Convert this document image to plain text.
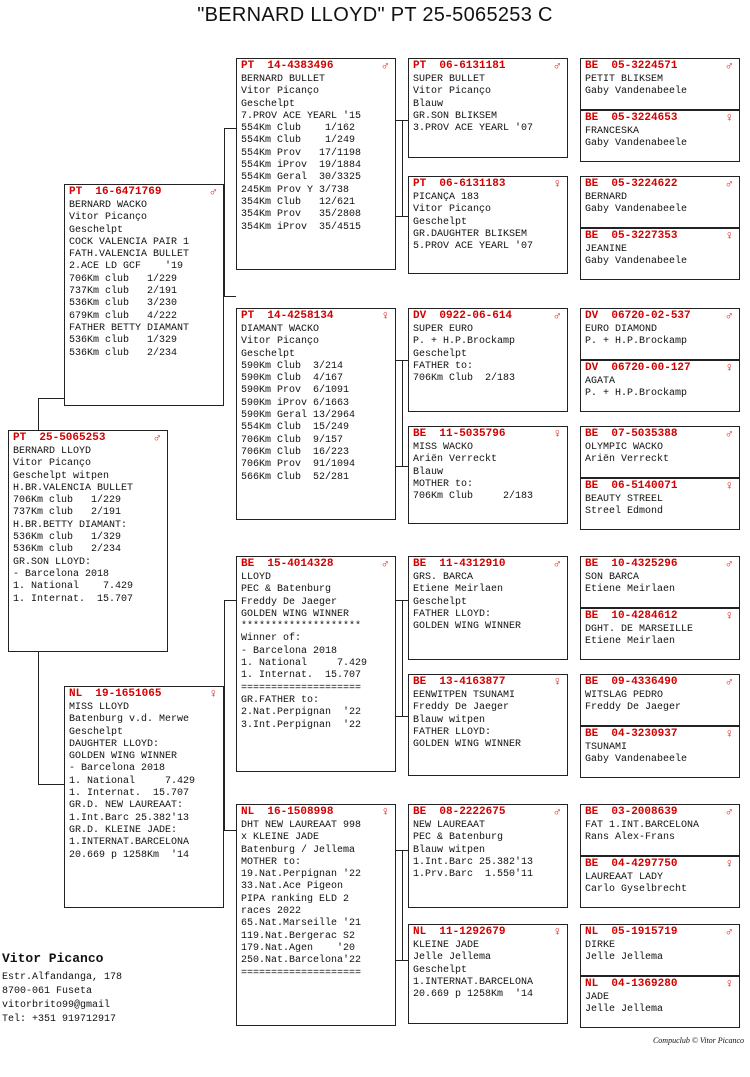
"BERNARD LLOYD" PT 25-5065253 C
PT  25-5065253	♂
BERNARD LLOYD
Vitor Picanço
Geschelpt witpen
H.BR.VALENCIA BULLET
706Km club   1/229
737Km club   2/191
H.BR.BETTY DIAMANT:
536Km club   1/329
536Km club   2/234
GR.SON LLOYD:
- Barcelona 2018
1. National    7.429
1. Internat.  15.707
PT  16-6471769	♂
BERNARD WACKO
Vitor Picanço
Geschelpt
COCK VALENCIA PAIR 1
FATH.VALENCIA BULLET
2.ACE LD GCF    '19
706Km club   1/229
737Km club   2/191
536Km club   3/230
679Km club   4/222
FATHER BETTY DIAMANT
536Km club   1/329
536Km club   2/234
NL  19-1651065	♀
MISS LLOYD
Batenburg v.d. Merwe
Geschelpt
DAUGHTER LLOYD:
GOLDEN WING WINNER
- Barcelona 2018
1. National     7.429
1. Internat.  15.707
GR.D. NEW LAUREAAT:
1.Int.Barc 25.382'13
GR.D. KLEINE JADE:
1.INTERNAT.BARCELONA
20.669 p 1258Km  '14
PT  14-4383496	♂
BERNARD BULLET
Vitor Picanço
Geschelpt
7.PROV ACE YEARL '15
554Km Club    1/162
554Km Club    1/249
554Km Prov   17/1198
554Km iProv  19/1884
554Km Geral  30/3325
245Km Prov Y 3/738
354Km Club   12/621
354Km Prov   35/2808
354Km iProv  35/4515
PT  14-4258134	♀
DIAMANT WACKO
Vitor Picanço
Geschelpt
590Km Club  3/214
590Km Club  4/167
590Km Prov  6/1091
590Km iProv 6/1663
590Km Geral 13/2964
554Km Club  15/249
706Km Club  9/157
706Km Club  16/223
706Km Prov  91/1094
566Km Club  52/281
BE  15-4014328	♂
LLOYD
PEC & Batenburg
Freddy De Jaeger
GOLDEN WING WINNER
********************
Winner of:
- Barcelona 2018
1. National     7.429
1. Internat.  15.707
====================
GR.FATHER to:
2.Nat.Perpignan  '22
3.Int.Perpignan  '22
NL  16-1508998	♀
DHT NEW LAUREAAT 998
x KLEINE JADE
Batenburg / Jellema
MOTHER to:
19.Nat.Perpignan '22
33.Nat.Ace Pigeon
PIPA ranking ELD 2
races 2022
65.Nat.Marseille '21
119.Nat.Bergerac S2
179.Nat.Agen    '20
250.Nat.Barcelona'22
====================
PT  06-6131181	♂
SUPER BULLET
Vitor Picanço
Blauw
GR.SON BLIKSEM
3.PROV ACE YEARL '07
PT  06-6131183	♀
PICANÇA 183
Vitor Picanço
Geschelpt
GR.DAUGHTER BLIKSEM
5.PROV ACE YEARL '07
DV  0922-06-614	♂
SUPER EURO
P. + H.P.Brockamp
Geschelpt
FATHER to:
706Km Club  2/183
BE  11-5035796	♀
MISS WACKO
Ariën Verreckt
Blauw
MOTHER to:
706Km Club     2/183
BE  11-4312910	♂
GRS. BARCA
Etiene Meirlaen
Geschelpt
FATHER LLOYD:
GOLDEN WING WINNER
BE  13-4163877	♀
EENWITPEN TSUNAMI
Freddy De Jaeger
Blauw witpen
FATHER LLOYD:
GOLDEN WING WINNER
BE  08-2222675	♂
NEW LAUREAAT
PEC & Batenburg
Blauw witpen
1.Int.Barc 25.382'13
1.Prv.Barc  1.550'11
NL  11-1292679	♀
KLEINE JADE
Jelle Jellema
Geschelpt
1.INTERNAT.BARCELONA
20.669 p 1258Km  '14
BE  05-3224571	♂
PETIT BLIKSEM
Gaby Vandenabeele
BE  05-3224653	♀
FRANCESKA
Gaby Vandenabeele
BE  05-3224622	♂
BERNARD
Gaby Vandenabeele
BE  05-3227353	♀
JEANINE
Gaby Vandenabeele
DV  06720-02-537	♂
EURO DIAMOND
P. + H.P.Brockamp
DV  06720-00-127	♀
AGATA
P. + H.P.Brockamp
BE  07-5035388	♂
OLYMPIC WACKO
Ariën Verreckt
BE  06-5140071	♀
BEAUTY STREEL
Streel Edmond
BE  10-4325296	♂
SON BARCA
Etiene Meirlaen
BE  10-4284612	♀
DGHT. DE MARSEILLE
Etiene Meirlaen
BE  09-4336490	♂
WITSLAG PEDRO
Freddy De Jaeger
BE  04-3230937	♀
TSUNAMI
Gaby Vandenabeele
BE  03-2008639	♂
FAT 1.INT.BARCELONA
Rans Alex-Frans
BE  04-4297750	♀
LAUREAAT LADY
Carlo Gyselbrecht
NL  05-1915719	♂
DIRKE
Jelle Jellema
NL  04-1369280	♀
JADE
Jelle Jellema
Vitor Picanco
Estr.Alfandanga, 178
8700-061 Fuseta
vitorbrito99@gmail
Tel: +351 919712917
Compuclub © Vitor Picanco
